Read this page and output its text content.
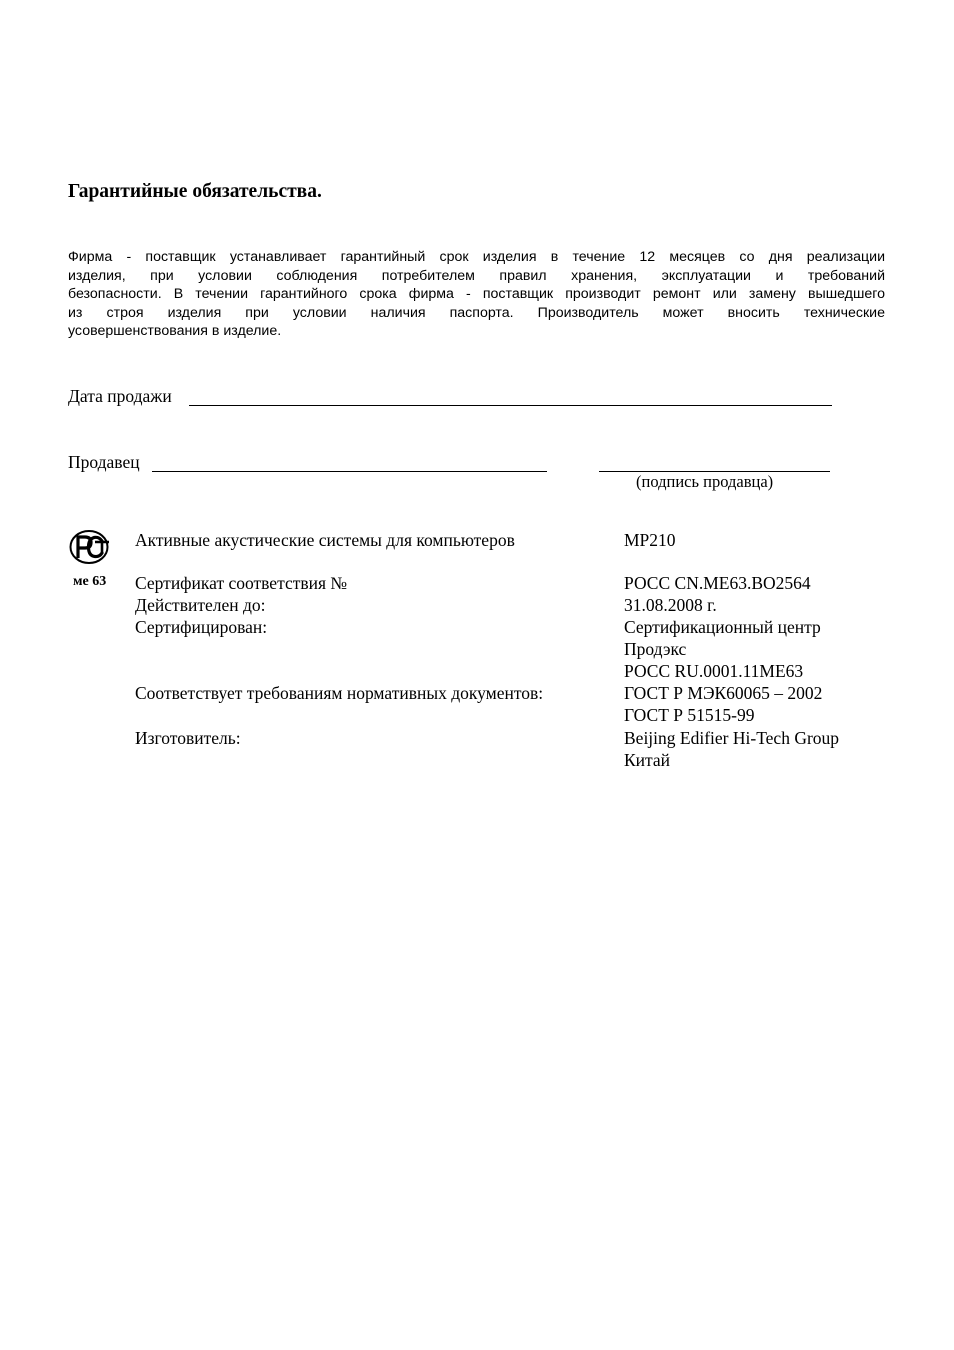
Гарантийные обязательства.
Фирма - поставщик устанавливает гарантийный срок изделия в течение 12 месяцев со дня реализации
изделия, при условии соблюдения потребителем правил хранения, эксплуатации и требований
безопасности. В течении гарантийного срока фирма - поставщик производит ремонт или замену вышедшего
из строя изделия при условии наличия паспорта. Производитель может вносить технические
усовершенствования в изделие.
Дата продажи
Продавец
(подпись продавца)
ме 63
Активные акустические системы для компьютеров	MP210
Сертификат соответствия №	РОСС CN.ME63.BO2564
Действителен до:	31.08.2008 г.
Сертифицирован:	Сертификационный центр
Продэкс
РОСС RU.0001.11МЕ63
Соответствует требованиям нормативных документов:	ГОСТ Р МЭК60065 – 2002
ГОСТ Р 51515-99
Изготовитель:	Beijing Edifier Hi-Tech Group
Китай
